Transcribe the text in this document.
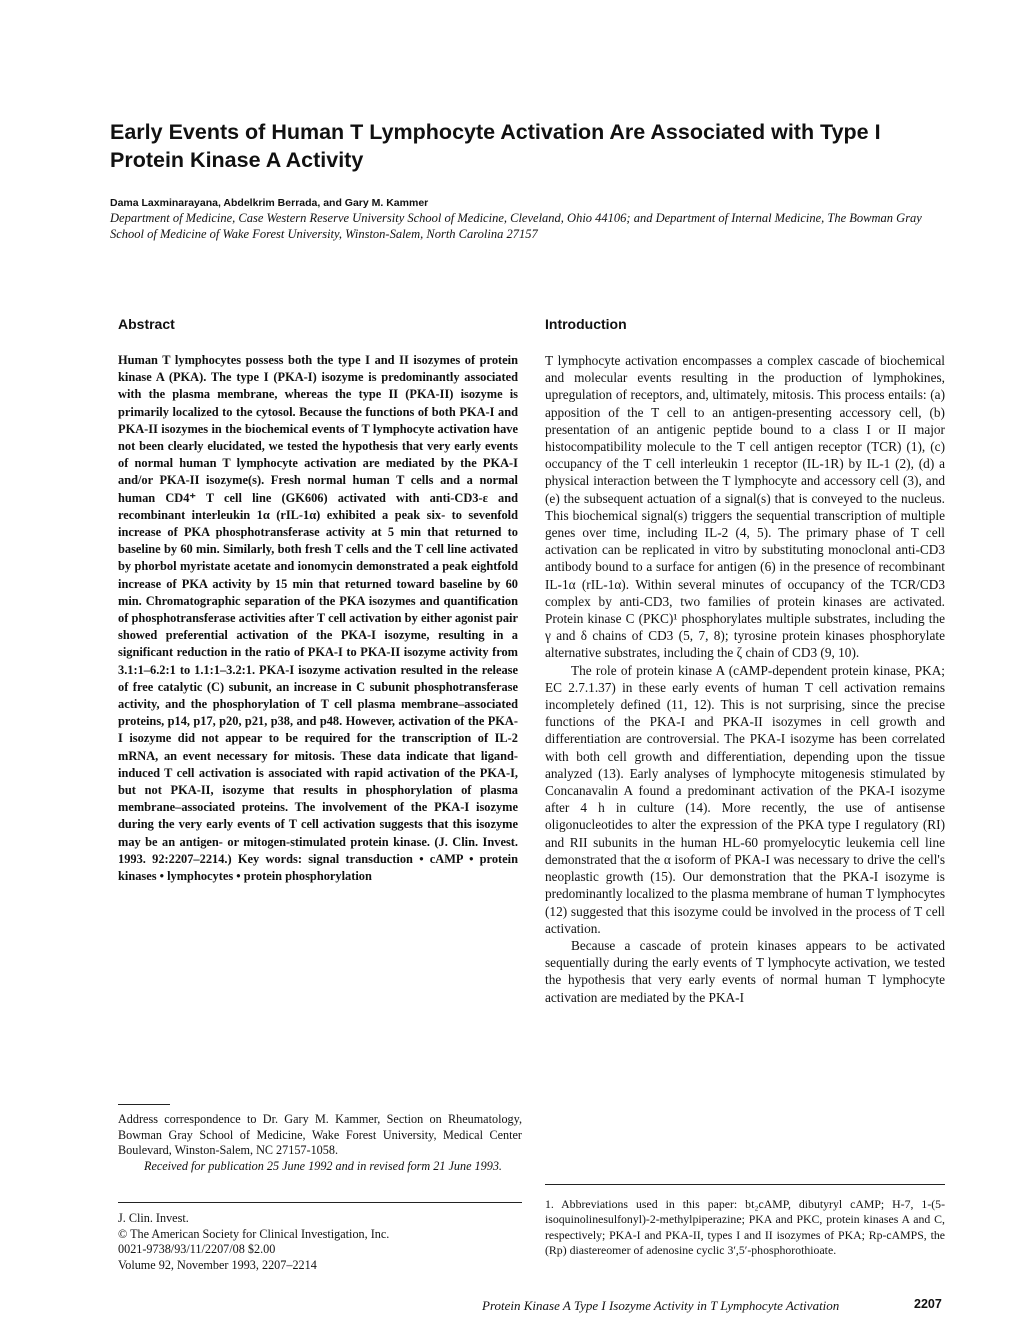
Early Events of Human T Lymphocyte Activation Are Associated with Type I Protein Kinase A Activity

Dama Laxminarayana, Abdelkrim Berrada, and Gary M. Kammer

Department of Medicine, Case Western Reserve University School of Medicine, Cleveland, Ohio 44106; and Department of Internal Medicine, The Bowman Gray School of Medicine of Wake Forest University, Winston-Salem, North Carolina 27157

Abstract

Human T lymphocytes possess both the type I and II isozymes of protein kinase A (PKA). The type I (PKA-I) isozyme is predominantly associated with the plasma membrane, whereas the type II (PKA-II) isozyme is primarily localized to the cytosol. Because the functions of both PKA-I and PKA-II isozymes in the biochemical events of T lymphocyte activation have not been clearly elucidated, we tested the hypothesis that very early events of normal human T lymphocyte activation are mediated by the PKA-I and/or PKA-II isozyme(s). Fresh normal human T cells and a normal human CD4⁺ T cell line (GK606) activated with anti-CD3-ε and recombinant interleukin 1α (rIL-1α) exhibited a peak six- to sevenfold increase of PKA phosphotransferase activity at 5 min that returned to baseline by 60 min. Similarly, both fresh T cells and the T cell line activated by phorbol myristate acetate and ionomycin demonstrated a peak eightfold increase of PKA activity by 15 min that returned toward baseline by 60 min. Chromatographic separation of the PKA isozymes and quantification of phosphotransferase activities after T cell activation by either agonist pair showed preferential activation of the PKA-I isozyme, resulting in a significant reduction in the ratio of PKA-I to PKA-II isozyme activity from 3.1:1–6.2:1 to 1.1:1–3.2:1. PKA-I isozyme activation resulted in the release of free catalytic (C) subunit, an increase in C subunit phosphotransferase activity, and the phosphorylation of T cell plasma membrane–associated proteins, p14, p17, p20, p21, p38, and p48. However, activation of the PKA-I isozyme did not appear to be required for the transcription of IL-2 mRNA, an event necessary for mitosis. These data indicate that ligand-induced T cell activation is associated with rapid activation of the PKA-I, but not PKA-II, isozyme that results in phosphorylation of plasma membrane–associated proteins. The involvement of the PKA-I isozyme during the very early events of T cell activation suggests that this isozyme may be an antigen- or mitogen-stimulated protein kinase. (J. Clin. Invest. 1993. 92:2207–2214.) Key words: signal transduction • cAMP • protein kinases • lymphocytes • protein phosphorylation

Introduction

T lymphocyte activation encompasses a complex cascade of biochemical and molecular events resulting in the production of lymphokines, upregulation of receptors, and, ultimately, mitosis. This process entails: (a) apposition of the T cell to an antigen-presenting accessory cell, (b) presentation of an antigenic peptide bound to a class I or II major histocompatibility molecule to the T cell antigen receptor (TCR) (1), (c) occupancy of the T cell interleukin 1 receptor (IL-1R) by IL-1 (2), (d) a physical interaction between the T lymphocyte and accessory cell (3), and (e) the subsequent actuation of a signal(s) that is conveyed to the nucleus. This biochemical signal(s) triggers the sequential transcription of multiple genes over time, including IL-2 (4, 5). The primary phase of T cell activation can be replicated in vitro by substituting monoclonal anti-CD3 antibody bound to a surface for antigen (6) in the presence of recombinant IL-1α (rIL-1α). Within several minutes of occupancy of the TCR/CD3 complex by anti-CD3, two families of protein kinases are activated. Protein kinase C (PKC)¹ phosphorylates multiple substrates, including the γ and δ chains of CD3 (5, 7, 8); tyrosine protein kinases phosphorylate alternative substrates, including the ζ chain of CD3 (9, 10).

The role of protein kinase A (cAMP-dependent protein kinase, PKA; EC 2.7.1.37) in these early events of human T cell activation remains incompletely defined (11, 12). This is not surprising, since the precise functions of the PKA-I and PKA-II isozymes in cell growth and differentiation are controversial. The PKA-I isozyme has been correlated with both cell growth and differentiation, depending upon the tissue analyzed (13). Early analyses of lymphocyte mitogenesis stimulated by Concanavalin A found a predominant activation of the PKA-I isozyme after 4 h in culture (14). More recently, the use of antisense oligonucleotides to alter the expression of the PKA type I regulatory (RI) and RII subunits in the human HL-60 promyelocytic leukemia cell line demonstrated that the α isoform of PKA-I was necessary to drive the cell's neoplastic growth (15). Our demonstration that the PKA-I isozyme is predominantly localized to the plasma membrane of human T lymphocytes (12) suggested that this isozyme could be involved in the process of T cell activation.

Because a cascade of protein kinases appears to be activated sequentially during the early events of T lymphocyte activation, we tested the hypothesis that very early events of normal human T lymphocyte activation are mediated by the PKA-I

Address correspondence to Dr. Gary M. Kammer, Section on Rheumatology, Bowman Gray School of Medicine, Wake Forest University, Medical Center Boulevard, Winston-Salem, NC 27157-1058.

Received for publication 25 June 1992 and in revised form 21 June 1993.

J. Clin. Invest.

© The American Society for Clinical Investigation, Inc.

0021-9738/93/11/2207/08 $2.00

Volume 92, November 1993, 2207–2214

1. Abbreviations used in this paper: bt₂cAMP, dibutyryl cAMP; H-7, 1-(5-isoquinolinesulfonyl)-2-methylpiperazine; PKA and PKC, protein kinases A and C, respectively; PKA-I and PKA-II, types I and II isozymes of PKA; Rp-cAMPS, the (Rp) diastereomer of adenosine cyclic 3′,5′-phosphorothioate.

Protein Kinase A Type I Isozyme Activity in T Lymphocyte Activation	2207
